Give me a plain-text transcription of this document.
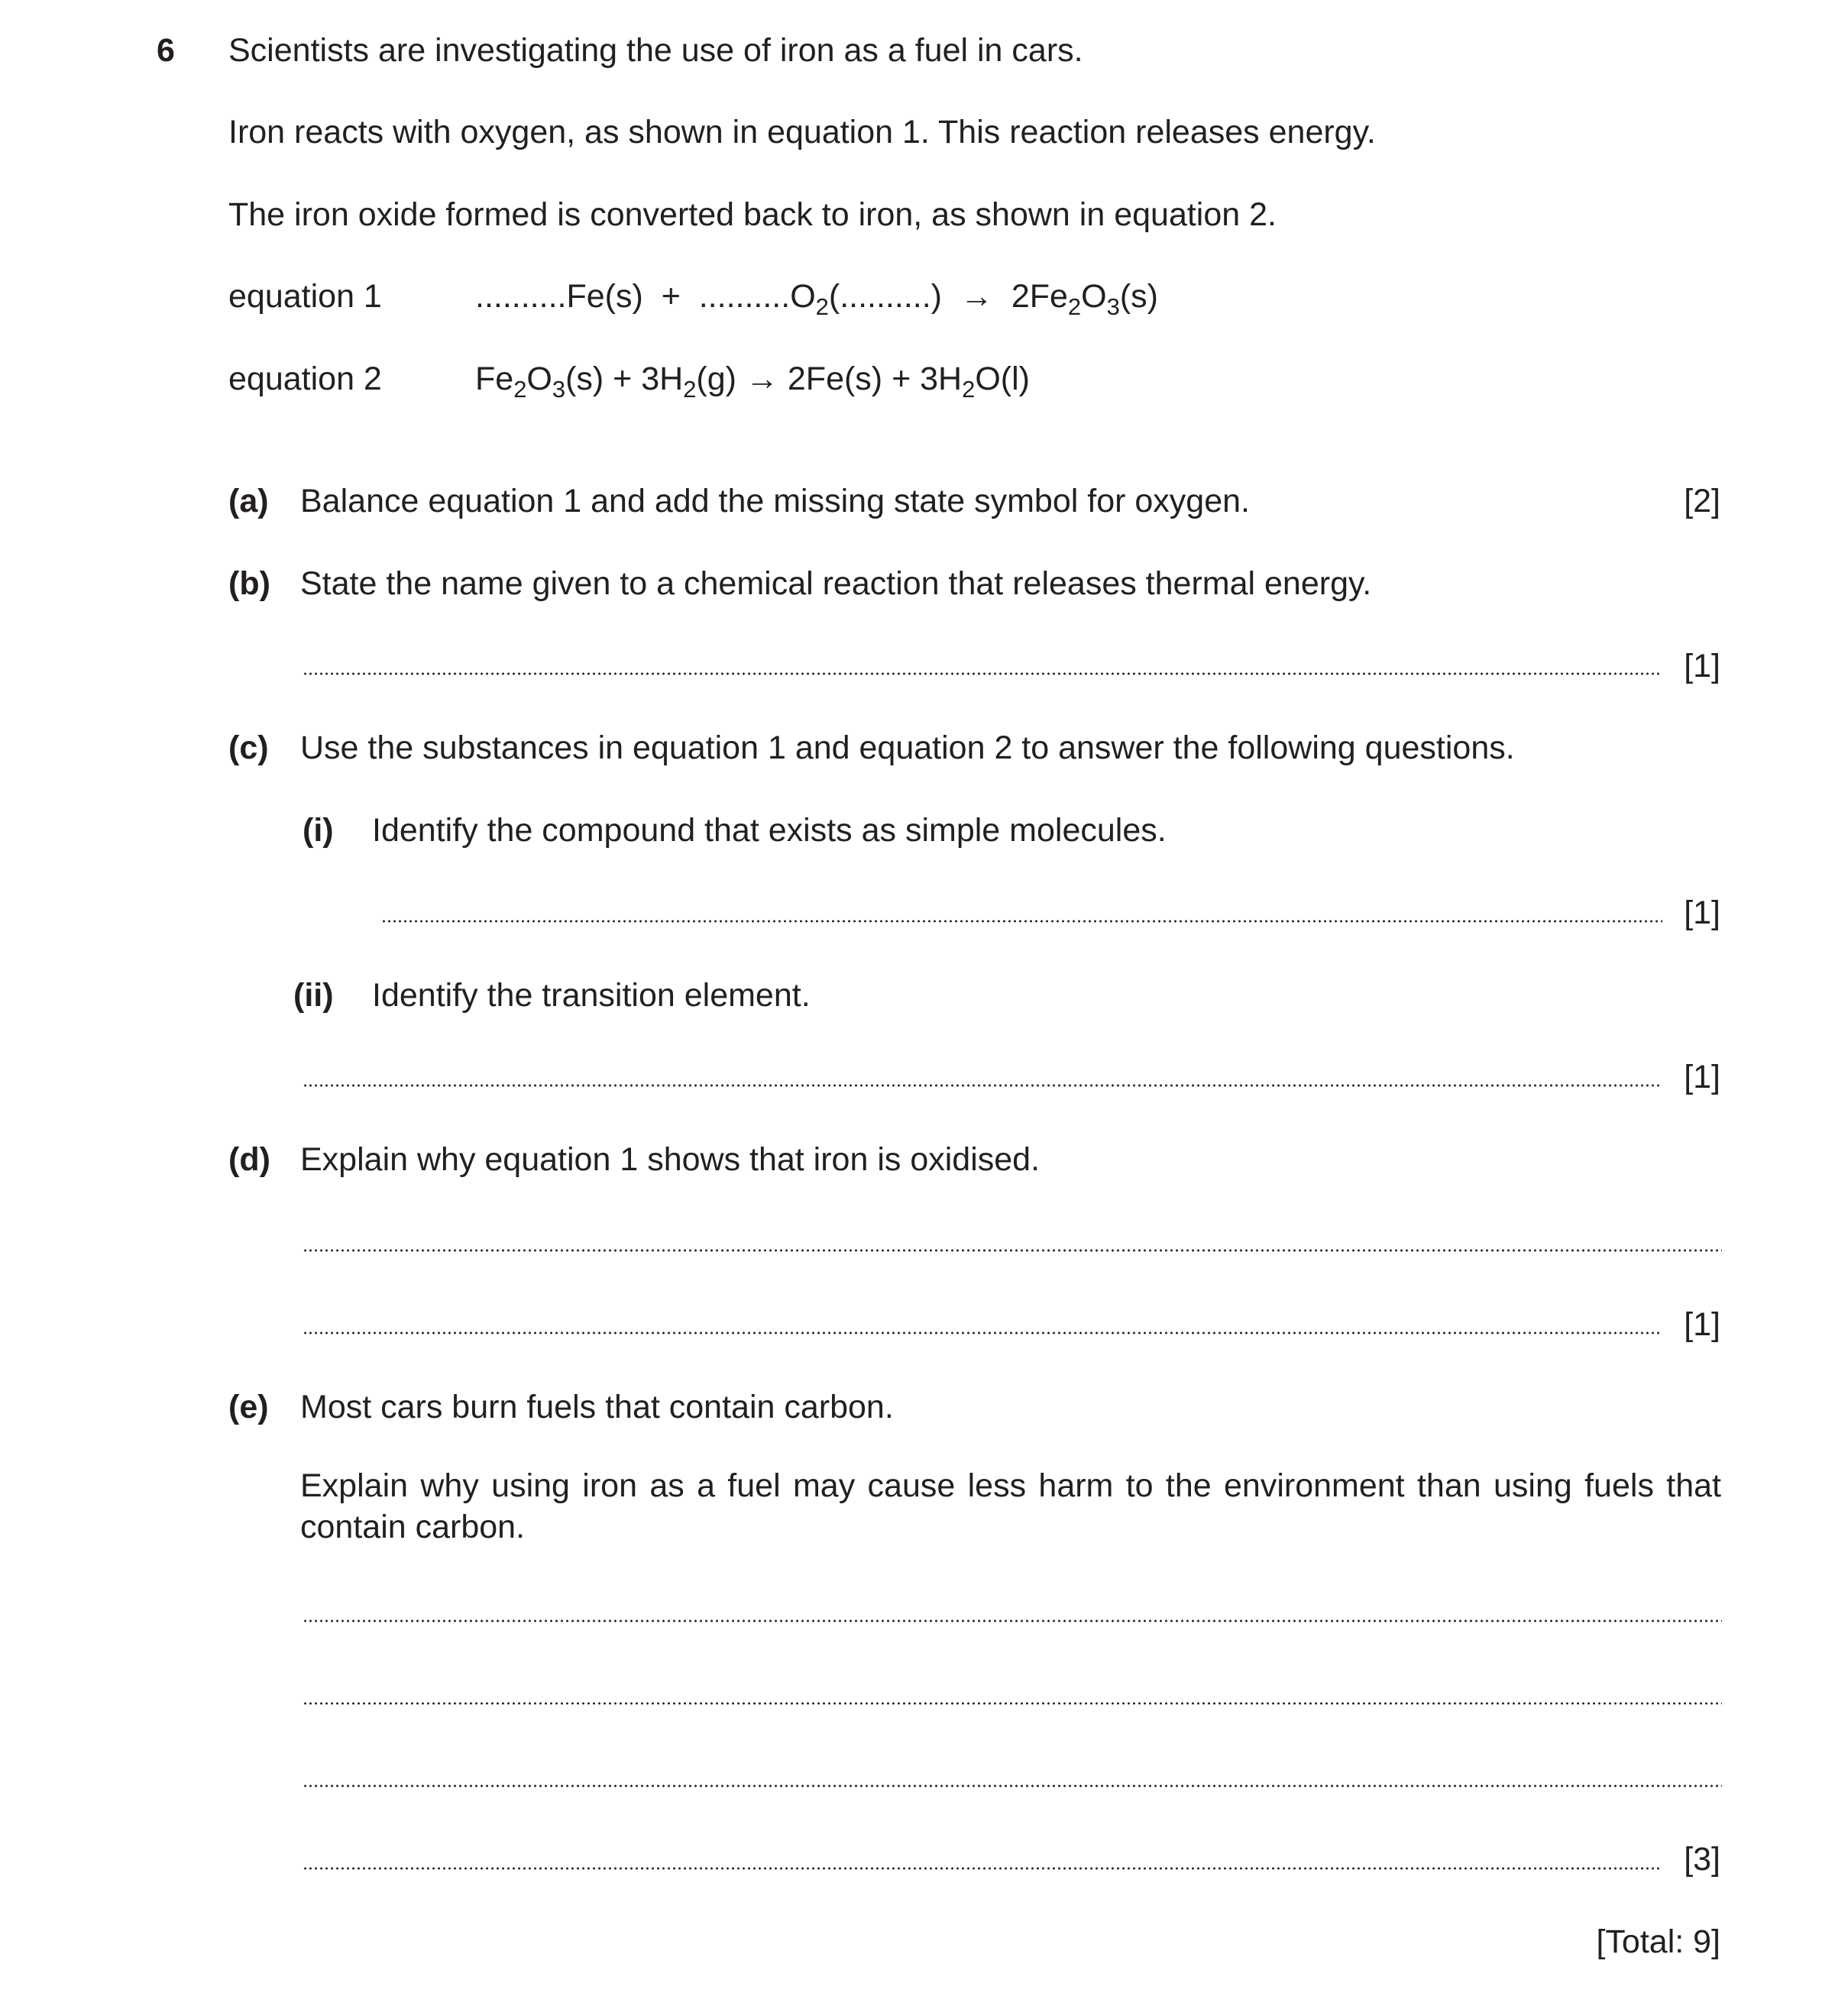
6 Scientists are investigating the use of iron as a fuel in cars.
Iron reacts with oxygen, as shown in equation 1. This reaction releases energy.
The iron oxide formed is converted back to iron, as shown in equation 2.
equation 1	$..........Fe(s) + ..........O_2(..........) \to 2Fe_2O_3(s)$
equation 2	$Fe_2O_3(s) + 3H_2(g) \to 2Fe(s) + 3H_2O(l)$
(a) Balance equation 1 and add the missing state symbol for oxygen.	[2]
(b) State the name given to a chemical reaction that releases thermal energy.
[1]
(c) Use the substances in equation 1 and equation 2 to answer the following questions.
(i) Identify the compound that exists as simple molecules.
[1]
(ii) Identify the transition element.
[1]
(d) Explain why equation 1 shows that iron is oxidised.
[1]
(e) Most cars burn fuels that contain carbon.
Explain why using iron as a fuel may cause less harm to the environment than using fuels that contain carbon.
[3]
[Total: 9]
